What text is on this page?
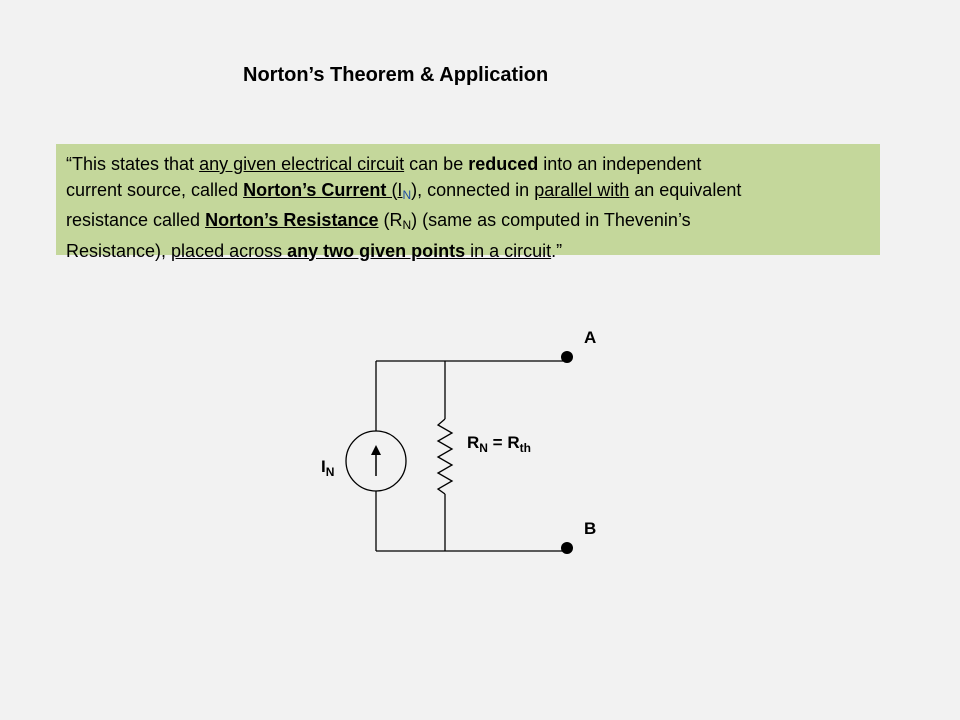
Norton’s Theorem & Application
“This states that any given electrical circuit can be reduced into an independent
current source, called Norton’s Current (IN), connected in parallel with an equivalent
resistance called Norton’s Resistance $(R_N)$ (same as computed in Thevenin’s
Resistance), placed across any two given points in a circuit.”
$I_N$
$R_N = R_{th}$
A
B
